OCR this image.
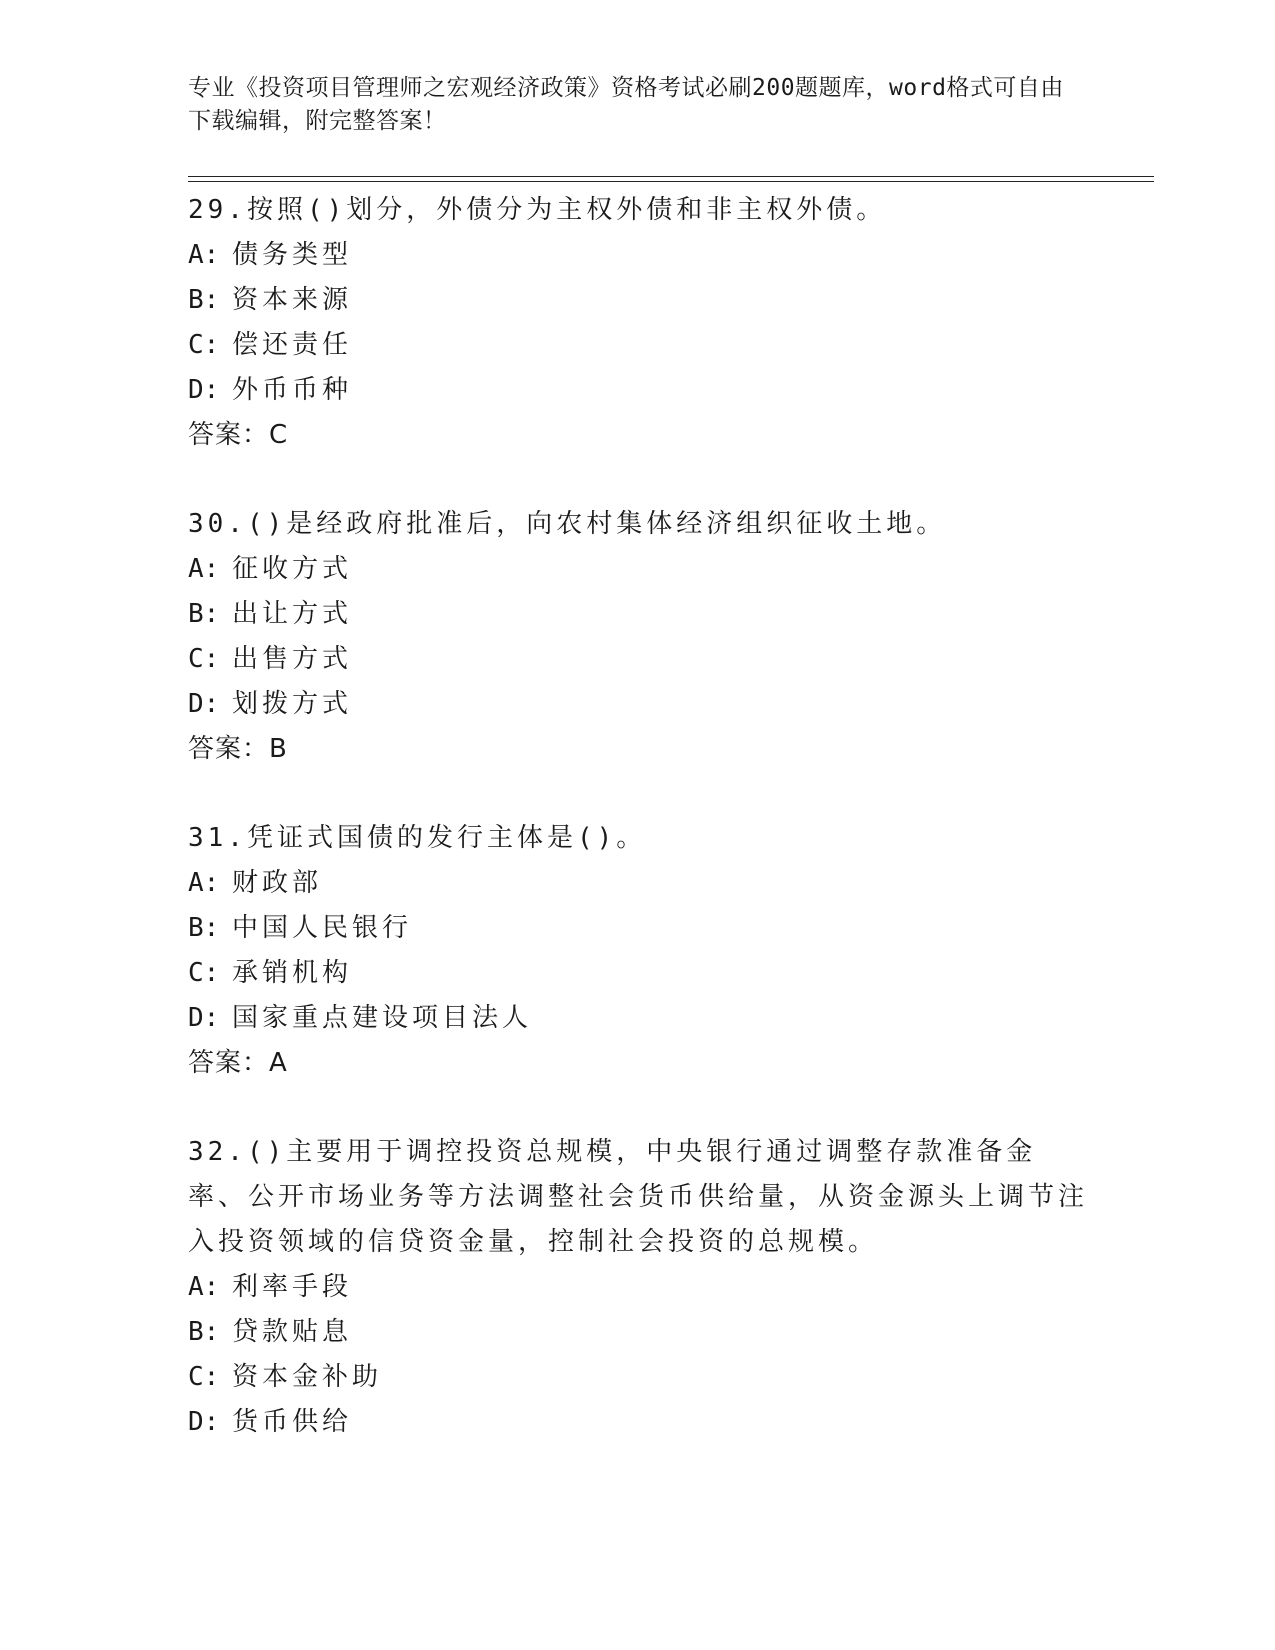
专业《投资项目管理师之宏观经济政策》资格考试必刷200题题库，word格式可自由下载编辑，附完整答案！
29.按照()划分，外债分为主权外债和非主权外债。
A: 债务类型
B: 资本来源
C: 偿还责任
D: 外币币种
答案：C
30.()是经政府批准后，向农村集体经济组织征收土地。
A: 征收方式
B: 出让方式
C: 出售方式
D: 划拨方式
答案：B
31.凭证式国债的发行主体是()。
A: 财政部
B: 中国人民银行
C: 承销机构
D: 国家重点建设项目法人
答案：A
32.()主要用于调控投资总规模，中央银行通过调整存款准备金率、公开市场业务等方法调整社会货币供给量，从资金源头上调节注入投资领域的信贷资金量，控制社会投资的总规模。
A: 利率手段
B: 贷款贴息
C: 资本金补助
D: 货币供给
